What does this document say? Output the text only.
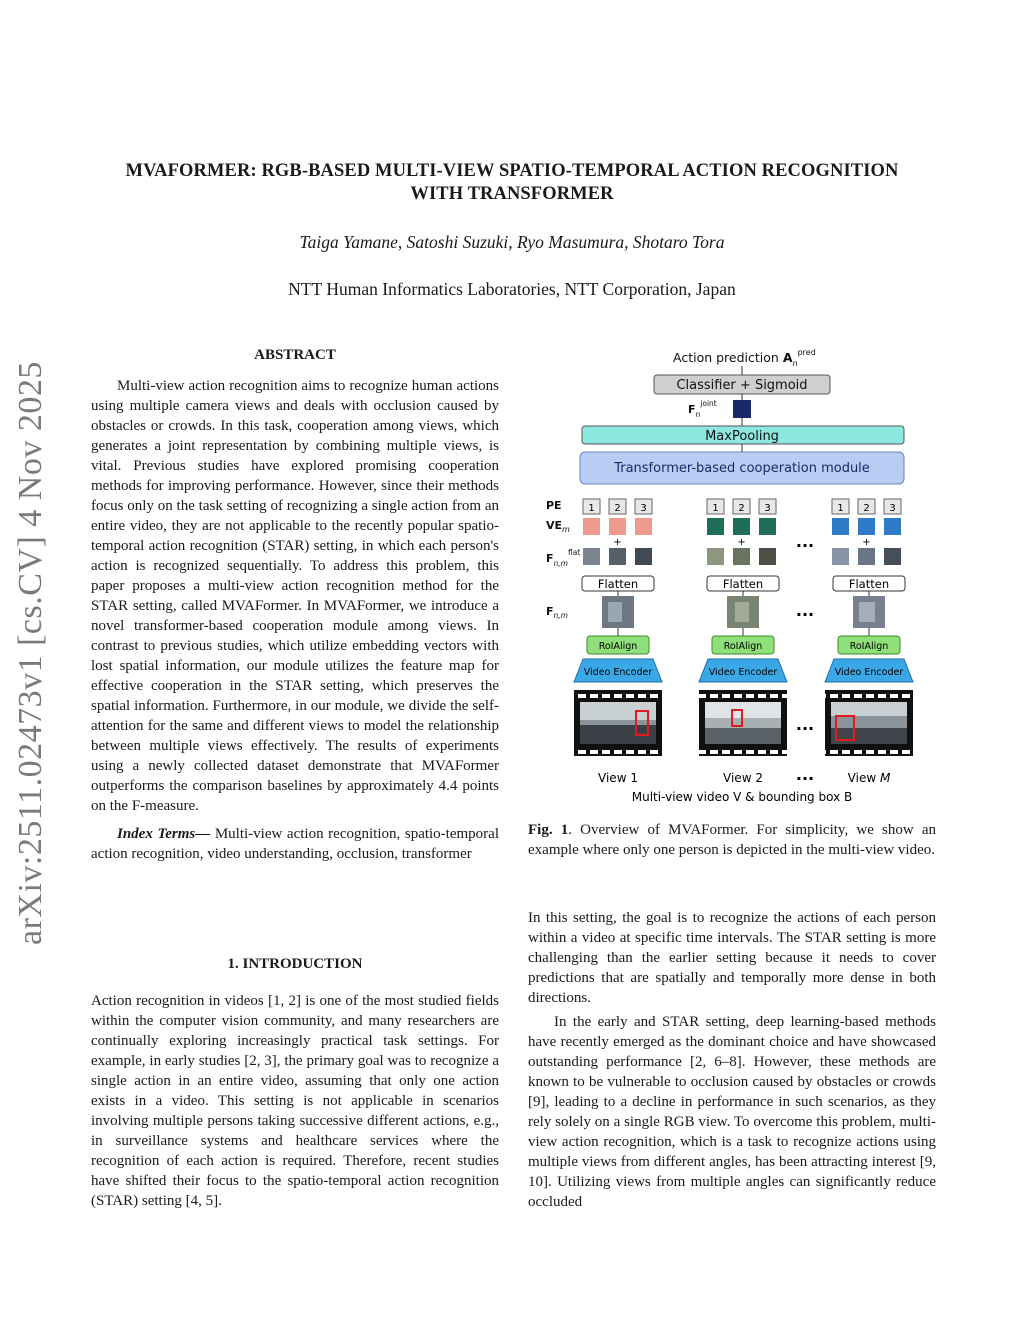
arXiv:2511.02473v1 [cs.CV] 4 Nov 2025
MVAFORMER: RGB-BASED MULTI-VIEW SPATIO-TEMPORAL ACTION RECOGNITION
WITH TRANSFORMER
Taiga Yamane, Satoshi Suzuki, Ryo Masumura, Shotaro Tora
NTT Human Informatics Laboratories, NTT Corporation, Japan
ABSTRACT

Multi-view action recognition aims to recognize human actions using multiple camera views and deals with occlusion caused by obstacles or crowds. In this task, cooperation among views, which generates a joint representation by combining multiple views, is vital. Previous studies have explored promising cooperation methods for improving performance. However, since their methods focus only on the task setting of recognizing a single action from an entire video, they are not applicable to the recently popular spatio-temporal action recognition (STAR) setting, in which each person's action is recognized sequentially. To address this problem, this paper proposes a multi-view action recognition method for the STAR setting, called MVAFormer. In MVAFormer, we introduce a novel transformer-based cooperation module among views. In contrast to previous studies, which utilize embedding vectors with lost spatial information, our module utilizes the feature map for effective cooperation in the STAR setting, which preserves the spatial information. Furthermore, in our module, we divide the self-attention for the same and different views to model the relationship between multiple views effectively. The results of experiments using a newly collected dataset demonstrate that MVAFormer outperforms the comparison baselines by approximately 4.4 points on the F-measure.

Index Terms— Multi-view action recognition, spatio-temporal action recognition, video understanding, occlusion, transformer

1. INTRODUCTION

Action recognition in videos [1, 2] is one of the most studied fields within the computer vision community, and many researchers are continually exploring increasingly practical task settings. For example, in early studies [2, 3], the primary goal was to recognize a single action in an entire video, assuming that only one action exists in a video. This setting is not applicable in scenarios involving multiple persons taking successive different actions, e.g., in surveillance systems and healthcare services where the recognition of each action is required. Therefore, recent studies have shifted their focus to the spatio-temporal action recognition (STAR) setting [4, 5].

Action prediction $A_n^{pred}$
Classifier + Sigmoid
$F_n^{joint}$
MaxPooling
Transformer-based cooperation module
PE
$VE_m$
$F_{n,m}^{flat}$
$F_{n,m}$
1 2 3
+
Flatten
RoIAlign
Video Encoder
View 1
1 2 3
+
Flatten
RoIAlign
Video Encoder
View 2
1 2 3
+
Flatten
RoIAlign
Video Encoder
View M
...
...
...
...
Multi-view video V & bounding box B

Fig. 1. Overview of MVAFormer. For simplicity, we show an example where only one person is depicted in the multi-view video.

In this setting, the goal is to recognize the actions of each person within a video at specific time intervals. The STAR setting is more challenging than the earlier setting because it needs to cover predictions that are spatially and temporally more dense in both directions.

In the early and STAR setting, deep learning-based methods have recently emerged as the dominant choice and have showcased outstanding performance [2, 6–8]. However, these methods are known to be vulnerable to occlusion caused by obstacles or crowds [9], leading to a decline in performance in such scenarios, as they rely solely on a single RGB view. To overcome this problem, multi-view action recognition, which is a task to recognize actions using multiple views from different angles, has been attracting interest [9, 10]. Utilizing views from multiple angles can significantly reduce occluded
